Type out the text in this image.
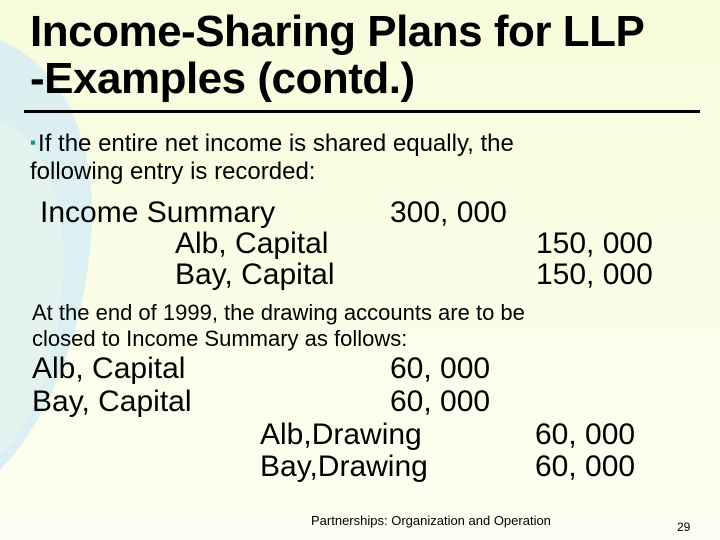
Income-Sharing Plans for LLP
-Examples (contd.)
▪If the entire net income is shared equally, the
following entry is recorded:
Income Summary	300, 000
Alb, Capital	150, 000
Bay, Capital	150, 000
At the end of 1999, the drawing accounts are to be
closed to Income Summary as follows:
Alb, Capital	60, 000
Bay, Capital	60, 000
Alb,Drawing	60, 000
Bay,Drawing	60, 000
Partnerships: Organization and Operation	29
